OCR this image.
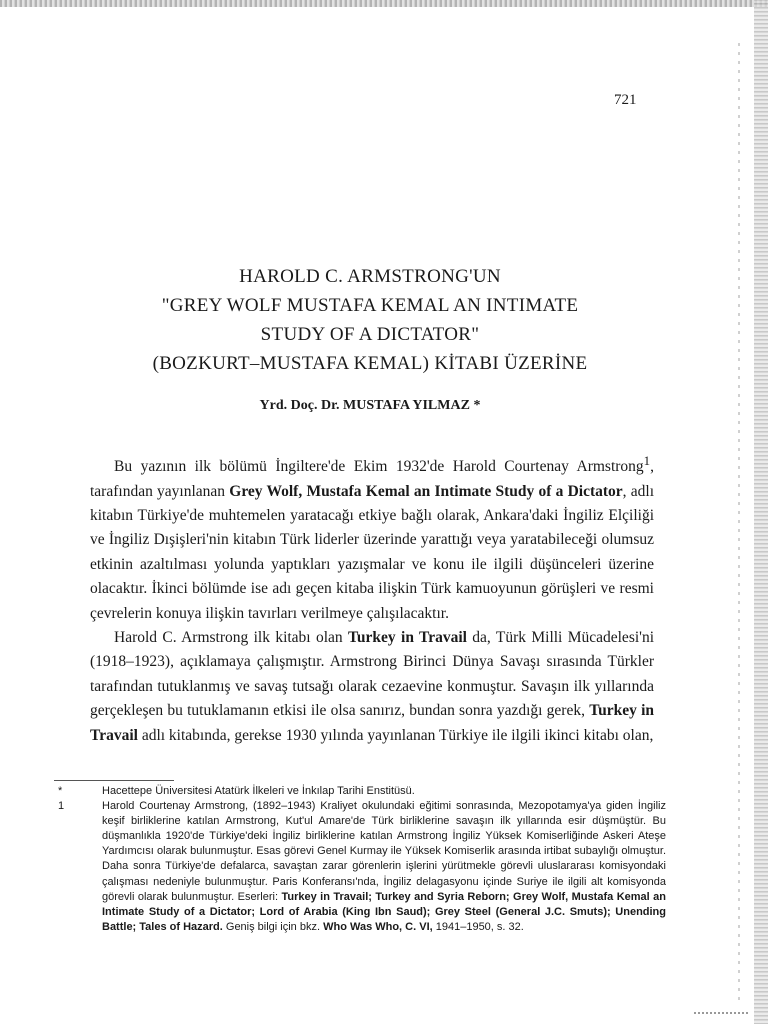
721
HAROLD C. ARMSTRONG'UN
"GREY WOLF MUSTAFA KEMAL AN INTIMATE
STUDY OF A DICTATOR"
(BOZKURT–MUSTAFA KEMAL) KİTABI ÜZERİNE
Yrd. Doç. Dr. MUSTAFA YILMAZ *

Bu yazının ilk bölümü İngiltere'de Ekim 1932'de Harold Courtenay Armstrong$^1$, tarafından yayınlanan Grey Wolf, Mustafa Kemal an Intimate Study of a Dictator, adlı kitabın Türkiye'de muhtemelen yaratacağı etkiye bağlı olarak, Ankara'daki İngiliz Elçiliği ve İngiliz Dışişleri'nin kitabın Türk liderler üzerinde yarattığı veya yaratabileceği olumsuz etkinin azaltılması yolunda yaptıkları yazışmalar ve konu ile ilgili düşünceleri üzerine olacaktır. İkinci bölümde ise adı geçen kitaba ilişkin Türk kamuoyunun görüşleri ve resmi çevrelerin konuya ilişkin tavırları verilmeye çalışılacaktır.

Harold C. Armstrong ilk kitabı olan Turkey in Travail da, Türk Milli Mücadelesi'ni (1918–1923), açıklamaya çalışmıştır. Armstrong Birinci Dünya Savaşı sırasında Türkler tarafından tutuklanmış ve savaş tutsağı olarak cezaevine konmuştur. Savaşın ilk yıllarında gerçekleşen bu tutuklamanın etkisi ile olsa sanırız, bundan sonra yazdığı gerek, Turkey in Travail adlı kitabında, gerekse 1930 yılında yayınlanan Türkiye ile ilgili ikinci kitabı olan,

*	Hacettepe Üniversitesi Atatürk İlkeleri ve İnkılap Tarihi Enstitüsü.
1	Harold Courtenay Armstrong, (1892–1943) Kraliyet okulundaki eğitimi sonrasında, Mezopotamya'ya giden İngiliz keşif birliklerine katılan Armstrong, Kut'ul Amare'de Türk birliklerine savaşın ilk yıllarında esir düşmüştür. Bu düşmanlıkla 1920'de Türkiye'deki İngiliz birliklerine katılan Armstrong İngiliz Yüksek Komiserliğinde Askeri Ateşe Yardımcısı olarak bulunmuştur. Esas görevi Genel Kurmay ile Yüksek Komiserlik arasında irtibat subaylığı olmuştur. Daha sonra Türkiye'de defalarca, savaştan zarar görenlerin işlerini yürütmekle görevli uluslararası komisyondaki çalışması nedeniyle bulunmuştur. Paris Konferansı'nda, İngiliz delagasyonu içinde Suriye ile ilgili alt komisyonda görevli olarak bulunmuştur. Eserleri: Turkey in Travail; Turkey and Syria Reborn; Grey Wolf, Mustafa Kemal an Intimate Study of a Dictator; Lord of Arabia (King Ibn Saud); Grey Steel (General J.C. Smuts); Unending Battle; Tales of Hazard. Geniş bilgi için bkz. Who Was Who, C. VI, 1941–1950, s. 32.
